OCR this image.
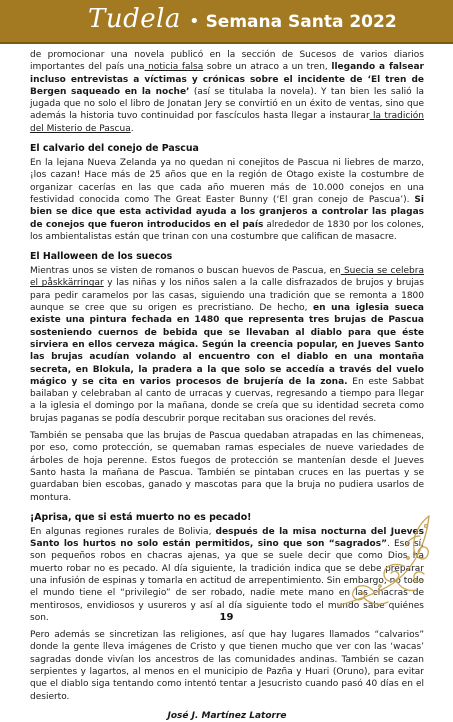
Tudela • Semana Santa 2022

de promocionar una novela publicó en la sección de Sucesos de varios diarios importantes del país una noticia falsa sobre un atraco a un tren, llegando a falsear incluso entrevistas a víctimas y crónicas sobre el incidente de ‘El tren de Bergen saqueado en la noche’ (así se titulaba la novela). Y tan bien les salió la jugada que no solo el libro de Jonatan Jery se convirtió en un éxito de ventas, sino que además la historia tuvo continuidad por fascículos hasta llegar a instaurar la tradición del Misterio de Pascua.

El calvario del conejo de Pascua

En la lejana Nueva Zelanda ya no quedan ni conejitos de Pascua ni liebres de marzo, ¡los cazan! Hace más de 25 años que en la región de Otago existe la costumbre de organizar cacerías en las que cada año mueren más de 10.000 conejos en una festividad conocida como The Great Easter Bunny (‘El gran conejo de Pascua’). Si bien se dice que esta actividad ayuda a los granjeros a controlar las plagas de conejos que fueron introducidos en el país alrededor de 1830 por los colones, los ambientalistas están que trinan con una costumbre que califican de masacre.

El Halloween de los suecos

Mientras unos se visten de romanos o buscan huevos de Pascua, en Suecia se celebra el påskkärringar y las niñas y los niños salen a la calle disfrazados de brujos y brujas para pedir caramelos por las casas, siguiendo una tradición que se remonta a 1800 aunque se cree que su origen es precristiano. De hecho, en una iglesia sueca existe una pintura fechada en 1480 que representa tres brujas de Pascua sosteniendo cuernos de bebida que se llevaban al diablo para que éste sirviera en ellos cerveza mágica. Según la creencia popular, en Jueves Santo las brujas acudían volando al encuentro con el diablo en una montaña secreta, en Blokula, la pradera a la que solo se accedía a través del vuelo mágico y se cita en varios procesos de brujería de la zona. En este Sabbat bailaban y celebraban al canto de urracas y cuervas, regresando a tiempo para llegar a la iglesia el domingo por la mañana, donde se creía que su identidad secreta como brujas paganas se podía descubrir porque recitaban sus oraciones del revés.

También se pensaba que las brujas de Pascua quedaban atrapadas en las chimeneas, por eso, como protección, se quemaban ramas especiales de nueve variedades de árboles de hoja perenne. Estos fuegos de protección se mantenían desde el Jueves Santo hasta la mañana de Pascua. También se pintaban cruces en las puertas y se guardaban bien escobas, ganado y mascotas para que la bruja no pudiera usarlos de montura.

¡Aprisa, que si está muerto no es pecado!

En algunas regiones rurales de Bolivia, después de la misa nocturna del Jueves Santo los hurtos no solo están permitidos, sino que son “sagrados”. Eso sí, son pequeños robos en chacras ajenas, ya que se suele decir que como Dios ha muerto robar no es pecado. Al día siguiente, la tradición indica que se debe preparar una infusión de espinas y tomarla en actitud de arrepentimiento. Sin embargo, no todo el mundo tiene el “privilegio” de ser robado, nadie mete mano en las chacras de mentirosos, envidiosos y usureros y así al día siguiente todo el mundo sabe quiénes son.

Pero además se sincretizan las religiones, así que hay lugares llamados “calvarios” donde la gente lleva imágenes de Cristo y que tienen mucho que ver con las ‘wacas’ sagradas donde vivían los ancestros de las comunidades andinas. También se cazan serpientes y lagartos, al menos en el municipio de Pazña y Huari (Oruno), para evitar que el diablo siga tentando como intentó tentar a Jesucristo cuando pasó 40 días en el desierto.

José J. Martínez Latorre

19
